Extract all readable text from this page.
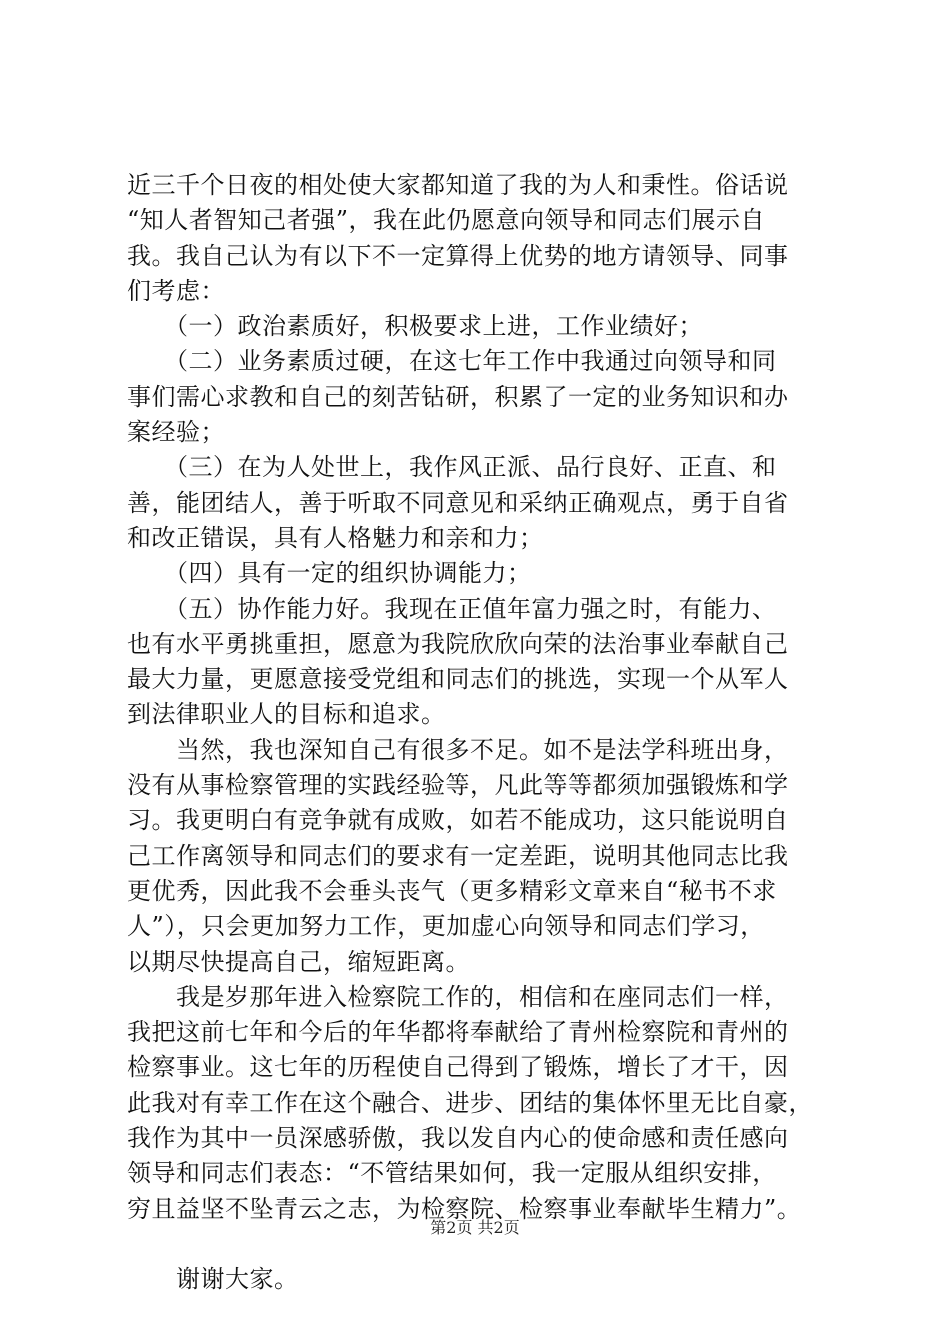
近三千个日夜的相处使大家都知道了我的为人和秉性。俗话说
“知人者智知己者强”，我在此仍愿意向领导和同志们展示自
我。我自己认为有以下不一定算得上优势的地方请领导、同事
们考虑：
　　（一）政治素质好，积极要求上进，工作业绩好；
　　（二）业务素质过硬，在这七年工作中我通过向领导和同
事们需心求教和自己的刻苦钻研，积累了一定的业务知识和办
案经验；
　　（三）在为人处世上，我作风正派、品行良好、正直、和
善，能团结人，善于听取不同意见和采纳正确观点，勇于自省
和改正错误，具有人格魅力和亲和力；
　　（四）具有一定的组织协调能力；
　　（五）协作能力好。我现在正值年富力强之时，有能力、
也有水平勇挑重担，愿意为我院欣欣向荣的法治事业奉献自己
最大力量，更愿意接受党组和同志们的挑选，实现一个从军人
到法律职业人的目标和追求。
　　当然，我也深知自己有很多不足。如不是法学科班出身，
没有从事检察管理的实践经验等，凡此等等都须加强锻炼和学
习。我更明白有竞争就有成败，如若不能成功，这只能说明自
己工作离领导和同志们的要求有一定差距，说明其他同志比我
更优秀，因此我不会垂头丧气（更多精彩文章来自“秘书不求
人”），只会更加努力工作，更加虚心向领导和同志们学习，
以期尽快提高自己，缩短距离。
　　我是岁那年进入检察院工作的，相信和在座同志们一样，
我把这前七年和今后的年华都将奉献给了青州检察院和青州的
检察事业。这七年的历程使自己得到了锻炼，增长了才干，因
此我对有幸工作在这个融合、进步、团结的集体怀里无比自豪，
我作为其中一员深感骄傲，我以发自内心的使命感和责任感向
领导和同志们表态：“不管结果如何，我一定服从组织安排，
穷且益坚不坠青云之志，为检察院、检察事业奉献毕生精力”。
　　谢谢大家。
第2页 共2页
